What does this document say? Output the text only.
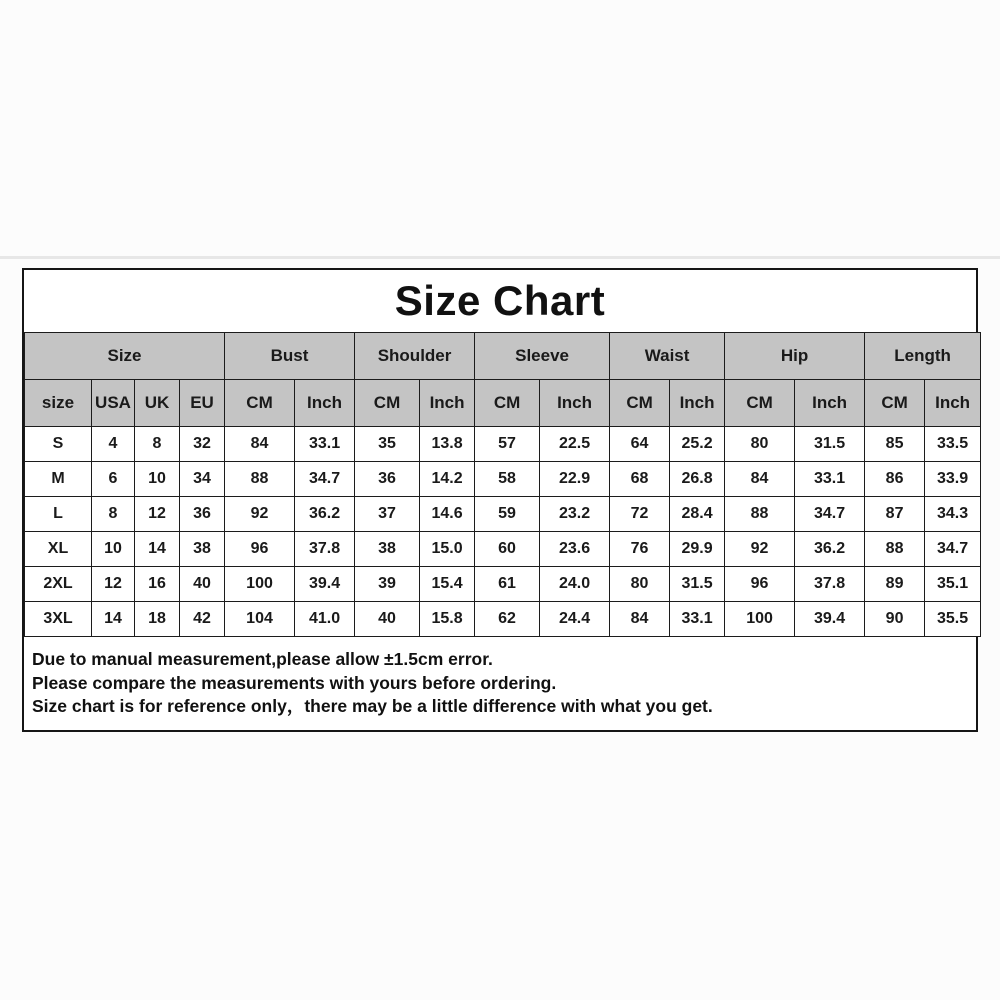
Size Chart
Size				Bust		Shoulder		Sleeve		Waist		Hip		Length	
size	USA	UK	EU	CM	Inch	CM	Inch	CM	Inch	CM	Inch	CM	Inch	CM	Inch
S	4	8	32	84	33.1	35	13.8	57	22.5	64	25.2	80	31.5	85	33.5
M	6	10	34	88	34.7	36	14.2	58	22.9	68	26.8	84	33.1	86	33.9
L	8	12	36	92	36.2	37	14.6	59	23.2	72	28.4	88	34.7	87	34.3
XL	10	14	38	96	37.8	38	15.0	60	23.6	76	29.9	92	36.2	88	34.7
2XL	12	16	40	100	39.4	39	15.4	61	24.0	80	31.5	96	37.8	89	35.1
3XL	14	18	42	104	41.0	40	15.8	62	24.4	84	33.1	100	39.4	90	35.5
Due to manual measurement,please allow ±1.5cm error.
Please compare the measurements with yours before ordering.
Size chart is for reference only，there may be a little difference with what you get.
